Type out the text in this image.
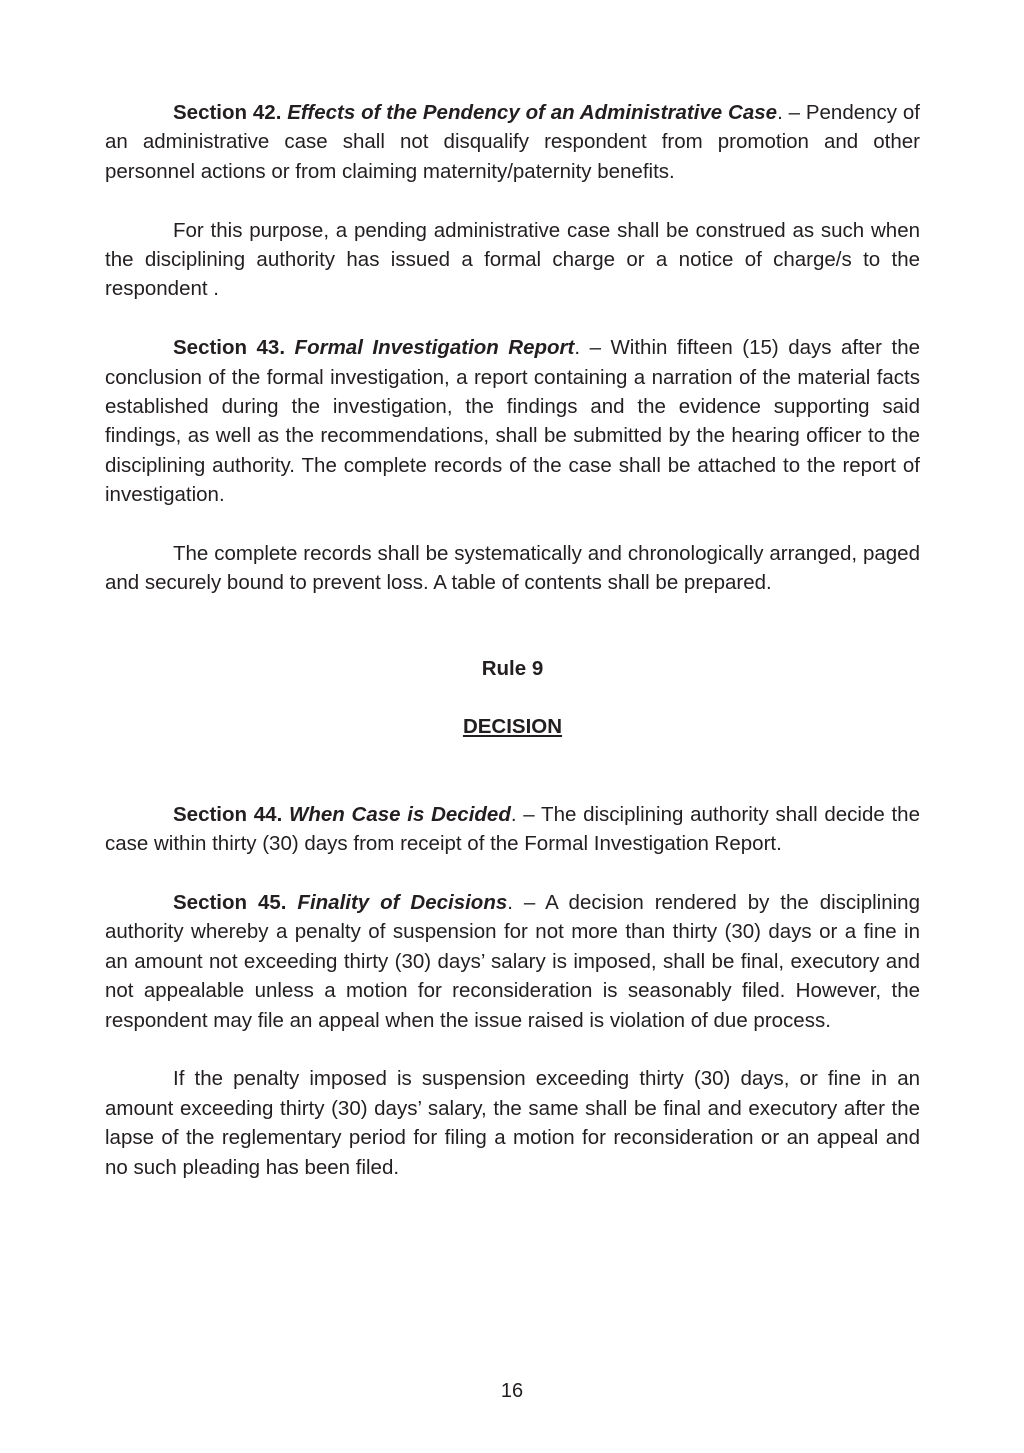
Section 42. Effects of the Pendency of an Administrative Case. – Pendency of an administrative case shall not disqualify respondent from promotion and other personnel actions or from claiming maternity/paternity benefits.

For this purpose, a pending administrative case shall be construed as such when the disciplining authority has issued a formal charge or a notice of charge/s to the respondent .

Section 43. Formal Investigation Report. – Within fifteen (15) days after the conclusion of the formal investigation, a report containing a narration of the material facts established during the investigation, the findings and the evidence supporting said findings, as well as the recommendations, shall be submitted by the hearing officer to the disciplining authority. The complete records of the case shall be attached to the report of investigation.

The complete records shall be systematically and chronologically arranged, paged and securely bound to prevent loss. A table of contents shall be prepared.

Rule 9

DECISION

Section 44. When Case is Decided. – The disciplining authority shall decide the case within thirty (30) days from receipt of the Formal Investigation Report.

Section 45. Finality of Decisions. – A decision rendered by the disciplining authority whereby a penalty of suspension for not more than thirty (30) days or a fine in an amount not exceeding thirty (30) days’ salary is imposed, shall be final, executory and not appealable unless a motion for reconsideration is seasonably filed. However, the respondent may file an appeal when the issue raised is violation of due process.

If the penalty imposed is suspension exceeding thirty (30) days, or fine in an amount exceeding thirty (30) days’ salary, the same shall be final and executory after the lapse of the reglementary period for filing a motion for reconsideration or an appeal and no such pleading has been filed.

16
